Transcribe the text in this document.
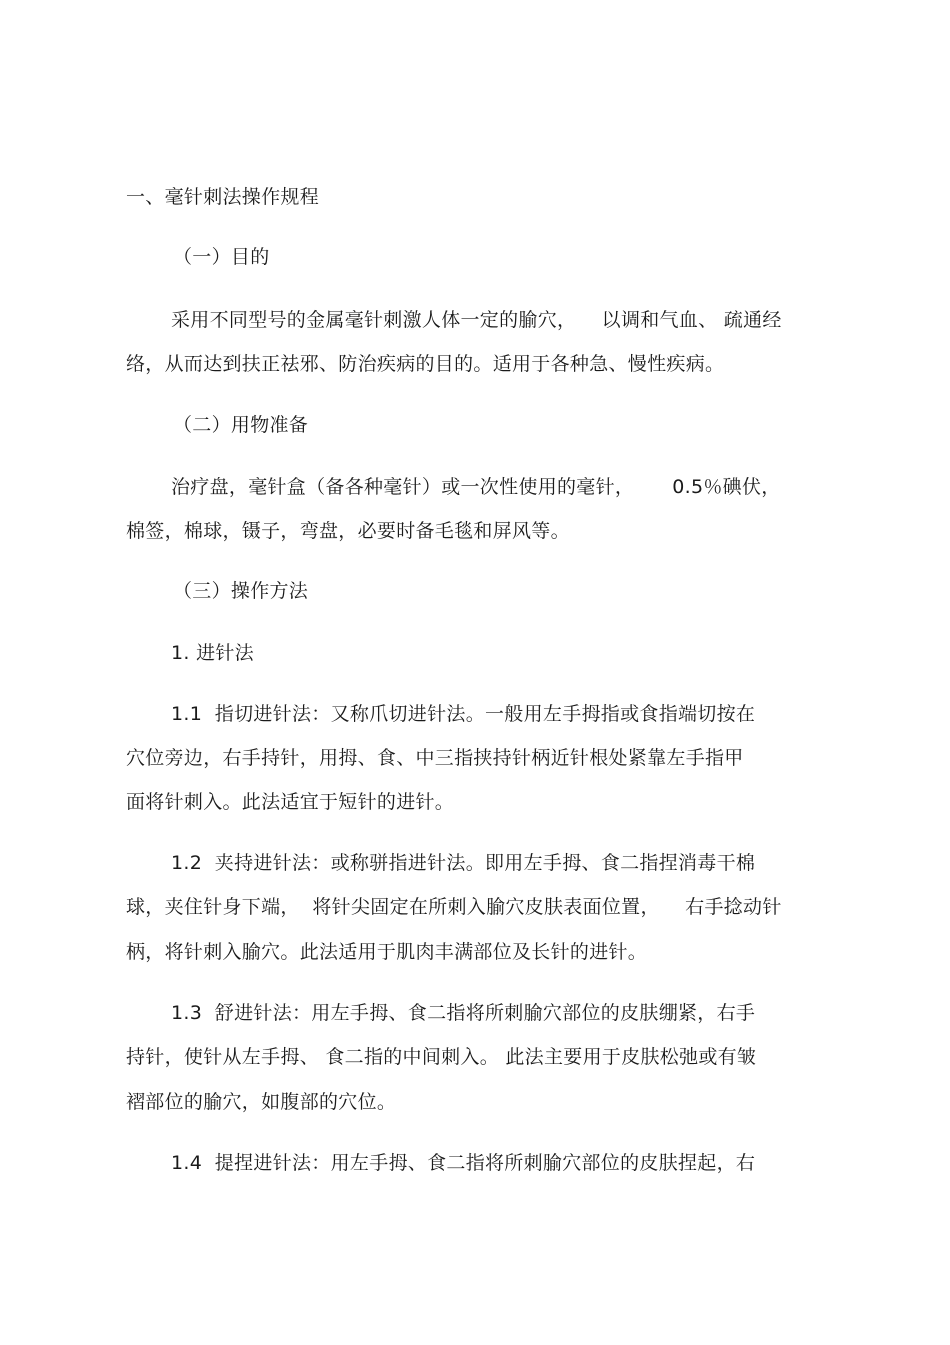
一、毫针刺法操作规程
（一）目的
采用不同型号的金属毫针刺激人体一定的腧穴，    以调和气血、 疏通经
络，从而达到扶正祛邪、防治疾病的目的。适用于各种急、慢性疾病。
（二）用物准备
治疗盘，毫针盒（备各种毫针）或一次性使用的毫针，      0.5％碘伏，
棉签，棉球，镊子，弯盘，必要时备毛毯和屏风等。
（三）操作方法
1. 进针法
1.1  指切进针法：又称爪切进针法。一般用左手拇指或食指端切按在
穴位旁边，右手持针，用拇、食、中三指挟持针柄近针根处紧靠左手指甲
面将针刺入。此法适宜于短针的进针。
1.2  夹持进针法：或称骈指进针法。即用左手拇、食二指捏消毒干棉
球，夹住针身下端，  将针尖固定在所刺入腧穴皮肤表面位置，    右手捻动针
柄，将针刺入腧穴。此法适用于肌肉丰满部位及长针的进针。
1.3  舒进针法：用左手拇、食二指将所刺腧穴部位的皮肤绷紧，右手
持针，使针从左手拇、 食二指的中间刺入。 此法主要用于皮肤松弛或有皱
褶部位的腧穴，如腹部的穴位。
1.4  提捏进针法：用左手拇、食二指将所刺腧穴部位的皮肤捏起，右
